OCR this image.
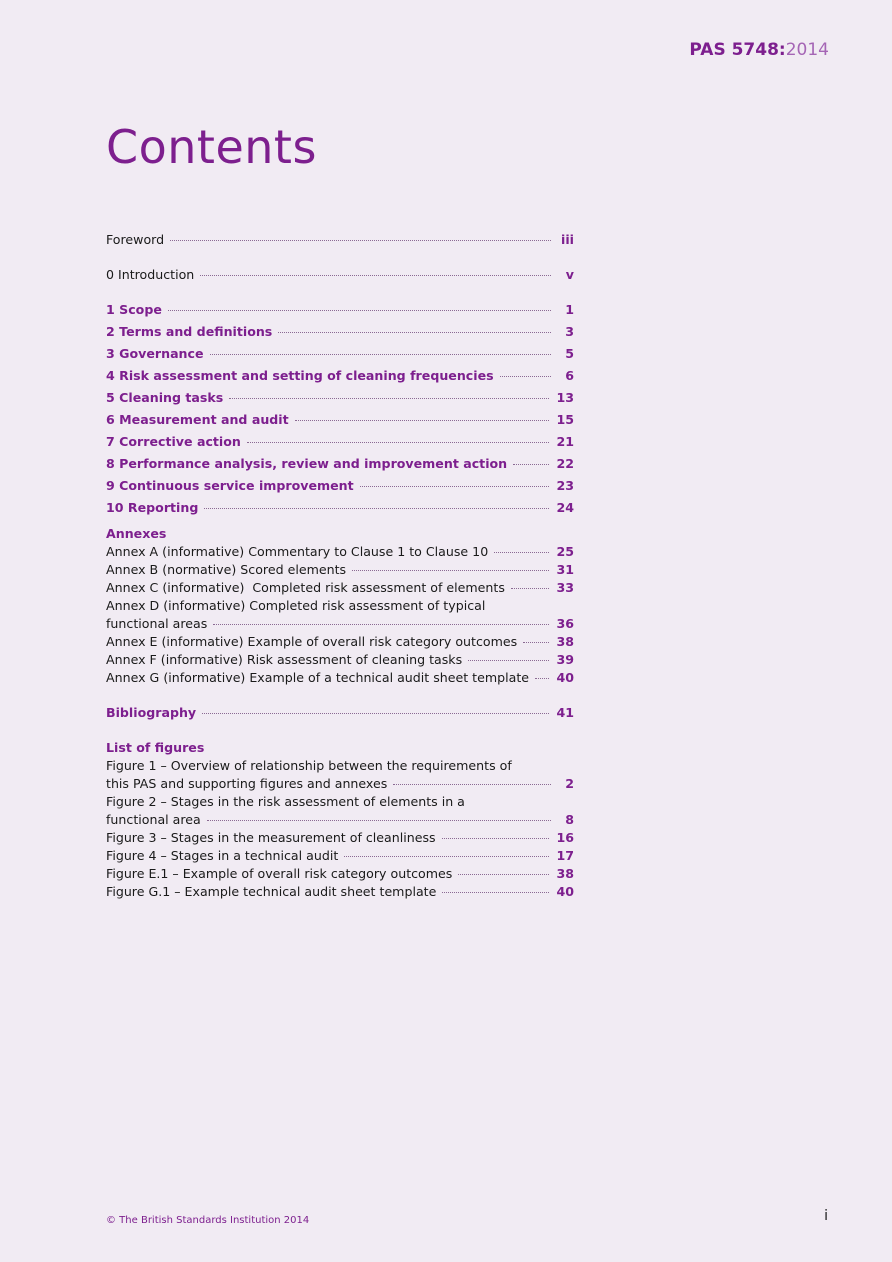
PAS 5748:2014
Contents
Foreword	iii
0 Introduction	v
1 Scope	1
2 Terms and definitions	3
3 Governance	5
4 Risk assessment and setting of cleaning frequencies	6
5 Cleaning tasks	13
6 Measurement and audit	15
7 Corrective action	21
8 Performance analysis, review and improvement action	22
9 Continuous service improvement	23
10 Reporting	24
Annexes
Annex A (informative) Commentary to Clause 1 to Clause 10	25
Annex B (normative) Scored elements	31
Annex C (informative)  Completed risk assessment of elements	33
Annex D (informative) Completed risk assessment of typical
functional areas	36
Annex E (informative) Example of overall risk category outcomes	38
Annex F (informative) Risk assessment of cleaning tasks	39
Annex G (informative) Example of a technical audit sheet template 40
Bibliography	41
List of figures
Figure 1 – Overview of relationship between the requirements of
this PAS and supporting figures and annexes	2
Figure 2 – Stages in the risk assessment of elements in a
functional area	8
Figure 3 – Stages in the measurement of cleanliness	16
Figure 4 – Stages in a technical audit	17
Figure E.1 – Example of overall risk category outcomes	38
Figure G.1 – Example technical audit sheet template	40
© The British Standards Institution 2014	i
